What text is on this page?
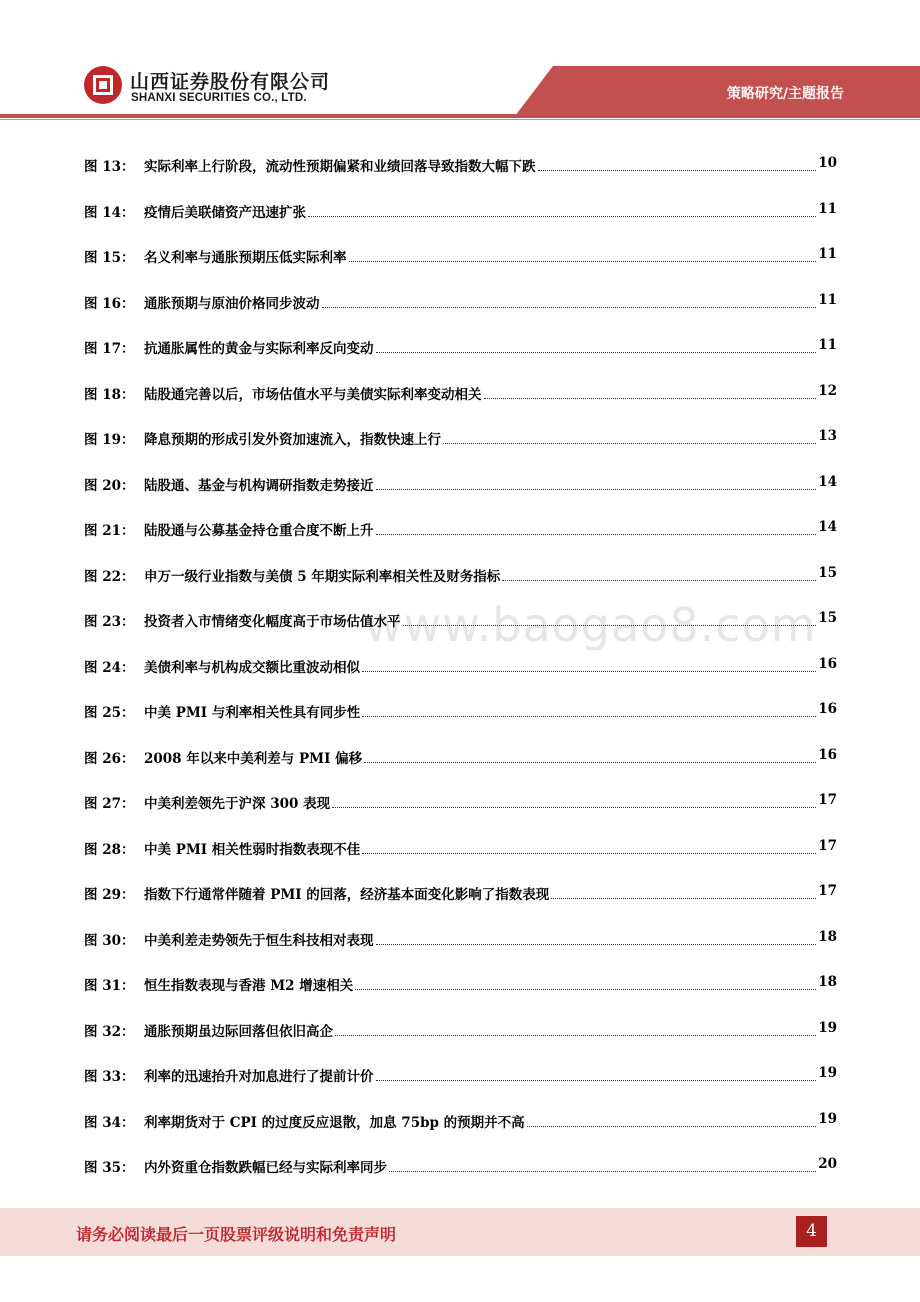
山西证券股份有限公司
SHANXI SECURITIES CO., LTD.	策略研究/主题报告
www.baogao8.com
图 13： 实际利率上行阶段，流动性预期偏紧和业绩回落导致指数大幅下跌	10
图 14： 疫情后美联储资产迅速扩张	11
图 15： 名义利率与通胀预期压低实际利率	11
图 16： 通胀预期与原油价格同步波动	11
图 17： 抗通胀属性的黄金与实际利率反向变动	11
图 18： 陆股通完善以后，市场估值水平与美债实际利率变动相关	12
图 19： 降息预期的形成引发外资加速流入，指数快速上行	13
图 20： 陆股通、基金与机构调研指数走势接近	14
图 21： 陆股通与公募基金持仓重合度不断上升	14
图 22： 申万一级行业指数与美债 5 年期实际利率相关性及财务指标	15
图 23： 投资者入市情绪变化幅度高于市场估值水平	15
图 24： 美债利率与机构成交额比重波动相似	16
图 25： 中美 PMI 与利率相关性具有同步性	16
图 26： 2008 年以来中美利差与 PMI 偏移	16
图 27： 中美利差领先于沪深 300 表现	17
图 28： 中美 PMI 相关性弱时指数表现不佳	17
图 29： 指数下行通常伴随着 PMI 的回落，经济基本面变化影响了指数表现	17
图 30： 中美利差走势领先于恒生科技相对表现	18
图 31： 恒生指数表现与香港 M2 增速相关	18
图 32： 通胀预期虽边际回落但依旧高企	19
图 33： 利率的迅速抬升对加息进行了提前计价	19
图 34： 利率期货对于 CPI 的过度反应退散，加息 75bp 的预期并不高	19
图 35： 内外资重仓指数跌幅已经与实际利率同步	20
请务必阅读最后一页股票评级说明和免责声明	4
